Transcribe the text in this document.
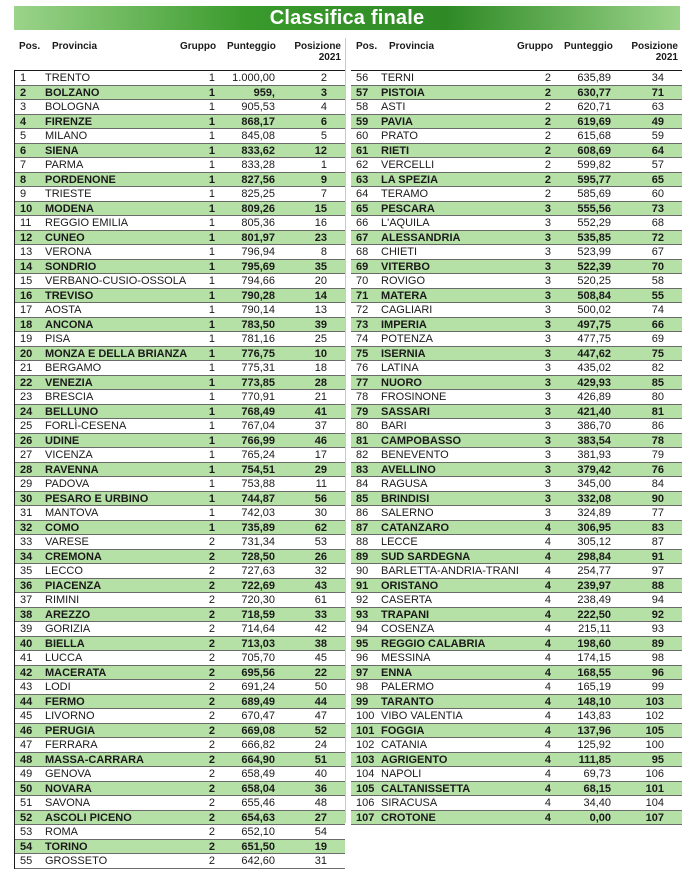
Classifica finale
Pos. Provincia	Gruppo Punteggio Posizione
2021
1 TRENTO	1	1.000,00	2
2 BOLZANO	1	959,	3
3 BOLOGNA	1	905,53	4
4 FIRENZE	1	868,17	6
5 MILANO	1	845,08	5
6 SIENA	1	833,62	12
7 PARMA	1	833,28	1
8 PORDENONE	1	827,56	9
9 TRIESTE	1	825,25	7
10 MODENA	1	809,26	15
11 REGGIO EMILIA	1	805,36	16
12 CUNEO	1	801,97	23
13 VERONA	1	796,94	8
14 SONDRIO	1	795,69	35
15 VERBANO-CUSIO-OSSOLA	1	794,66	20
16 TREVISO	1	790,28	14
17 AOSTA	1	790,14	13
18 ANCONA	1	783,50	39
19 PISA	1	781,16	25
20 MONZA E DELLA BRIANZA	1	776,75	10
21 BERGAMO	1	775,31	18
22 VENEZIA	1	773,85	28
23 BRESCIA	1	770,91	21
24 BELLUNO	1	768,49	41
25 FORLÌ-CESENA	1	767,04	37
26 UDINE	1	766,99	46
27 VICENZA	1	765,24	17
28 RAVENNA	1	754,51	29
29 PADOVA	1	753,88	11
30 PESARO E URBINO	1	744,87	56
31 MANTOVA	1	742,03	30
32 COMO	1	735,89	62
33 VARESE	2	731,34	53
34 CREMONA	2	728,50	26
35 LECCO	2	727,63	32
36 PIACENZA	2	722,69	43
37 RIMINI	2	720,30	61
38 AREZZO	2	718,59	33
39 GORIZIA	2	714,64	42
40 BIELLA	2	713,03	38
41 LUCCA	2	705,70	45
42 MACERATA	2	695,56	22
43 LODI	2	691,24	50
44 FERMO	2	689,49	44
45 LIVORNO	2	670,47	47
46 PERUGIA	2	669,08	52
47 FERRARA	2	666,82	24
48 MASSA-CARRARA	2	664,90	51
49 GENOVA	2	658,49	40
50 NOVARA	2	658,04	36
51 SAVONA	2	655,46	48
52 ASCOLI PICENO	2	654,63	27
53 ROMA	2	652,10	54
54 TORINO	2	651,50	19
55 GROSSETO	2	642,60	31
Pos. Provincia	Gruppo Punteggio Posizione
2021
56 TERNI	2	635,89	34
57 PISTOIA	2	630,77	71
58 ASTI	2	620,71	63
59 PAVIA	2	619,69	49
60 PRATO	2	615,68	59
61 RIETI	2	608,69	64
62 VERCELLI	2	599,82	57
63 LA SPEZIA	2	595,77	65
64 TERAMO	2	585,69	60
65 PESCARA	3	555,56	73
66 L'AQUILA	3	552,29	68
67 ALESSANDRIA	3	535,85	72
68 CHIETI	3	523,99	67
69 VITERBO	3	522,39	70
70 ROVIGO	3	520,25	58
71 MATERA	3	508,84	55
72 CAGLIARI	3	500,02	74
73 IMPERIA	3	497,75	66
74 POTENZA	3	477,75	69
75 ISERNIA	3	447,62	75
76 LATINA	3	435,02	82
77 NUORO	3	429,93	85
78 FROSINONE	3	426,89	80
79 SASSARI	3	421,40	81
80 BARI	3	386,70	86
81 CAMPOBASSO	3	383,54	78
82 BENEVENTO	3	381,93	79
83 AVELLINO	3	379,42	76
84 RAGUSA	3	345,00	84
85 BRINDISI	3	332,08	90
86 SALERNO	3	324,89	77
87 CATANZARO	4	306,95	83
88 LECCE	4	305,12	87
89 SUD SARDEGNA	4	298,84	91
90 BARLETTA-ANDRIA-TRANI	4	254,77	97
91 ORISTANO	4	239,97	88
92 CASERTA	4	238,49	94
93 TRAPANI	4	222,50	92
94 COSENZA	4	215,11	93
95 REGGIO CALABRIA	4	198,60	89
96 MESSINA	4	174,15	98
97 ENNA	4	168,55	96
98 PALERMO	4	165,19	99
99 TARANTO	4	148,10	103
100 VIBO VALENTIA	4	143,83	102
101 FOGGIA	4	137,96	105
102 CATANIA	4	125,92	100
103 AGRIGENTO	4	111,85	95
104 NAPOLI	4	69,73	106
105 CALTANISSETTA	4	68,15	101
106 SIRACUSA	4	34,40	104
107 CROTONE	4	0,00	107
